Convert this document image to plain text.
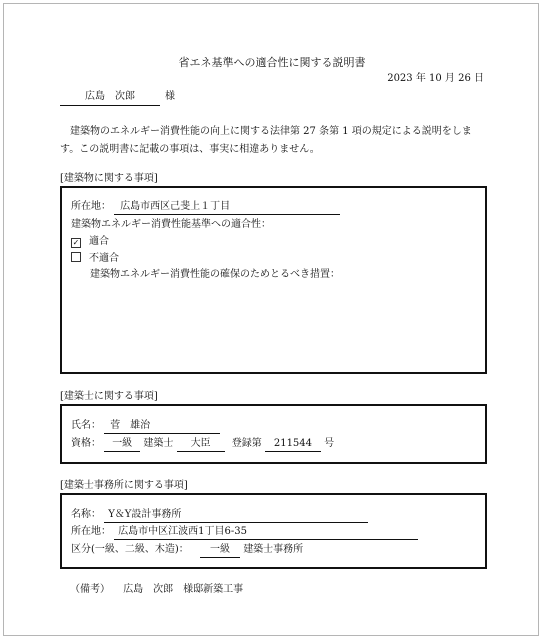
省エネ基準への適合性に関する説明書
2023 年 10 月 26 日
広島　次郎	様
建築物のエネルギー消費性能の向上に関する法律第 27 条第 1 項の規定による説明をします。この説明書に記載の事項は、事実に相違ありません。
[建築物に関する事項]
所在地： 広島市西区己斐上１丁目
建築物エネルギー消費性能基準への適合性：
✓ 適合
不適合
建築物エネルギー消費性能の確保のためとるべき措置：
[建築士に関する事項]
氏名： 菅　雄治
資格： 一級 建築士 大臣 登録第 211544 号
[建築士事務所に関する事項]
名称： Y＆Y設計事務所
所在地： 広島市中区江波西1丁目6-35
区分(一級、二級、木造)： 一級 建築士事務所
（備考） 広島　次郎　様邸新築工事
